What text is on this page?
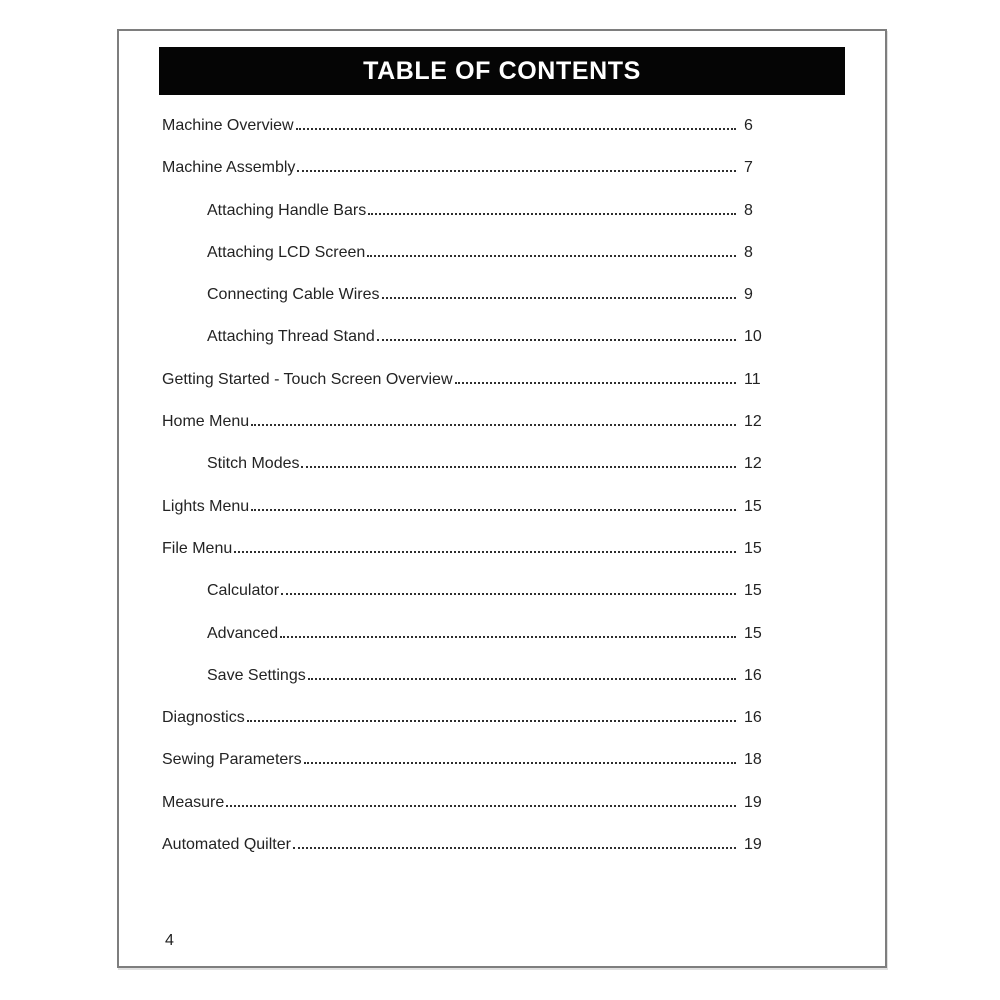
TABLE OF CONTENTS
Machine Overview	6
Machine Assembly	7
Attaching Handle Bars	8
Attaching LCD Screen	8
Connecting Cable Wires	9
Attaching Thread Stand	10
Getting Started - Touch Screen Overview	11
Home Menu	12
Stitch Modes	12
Lights Menu	15
File Menu	15
Calculator	15
Advanced	15
Save Settings	16
Diagnostics	16
Sewing Parameters	18
Measure	19
Automated Quilter	19
4
